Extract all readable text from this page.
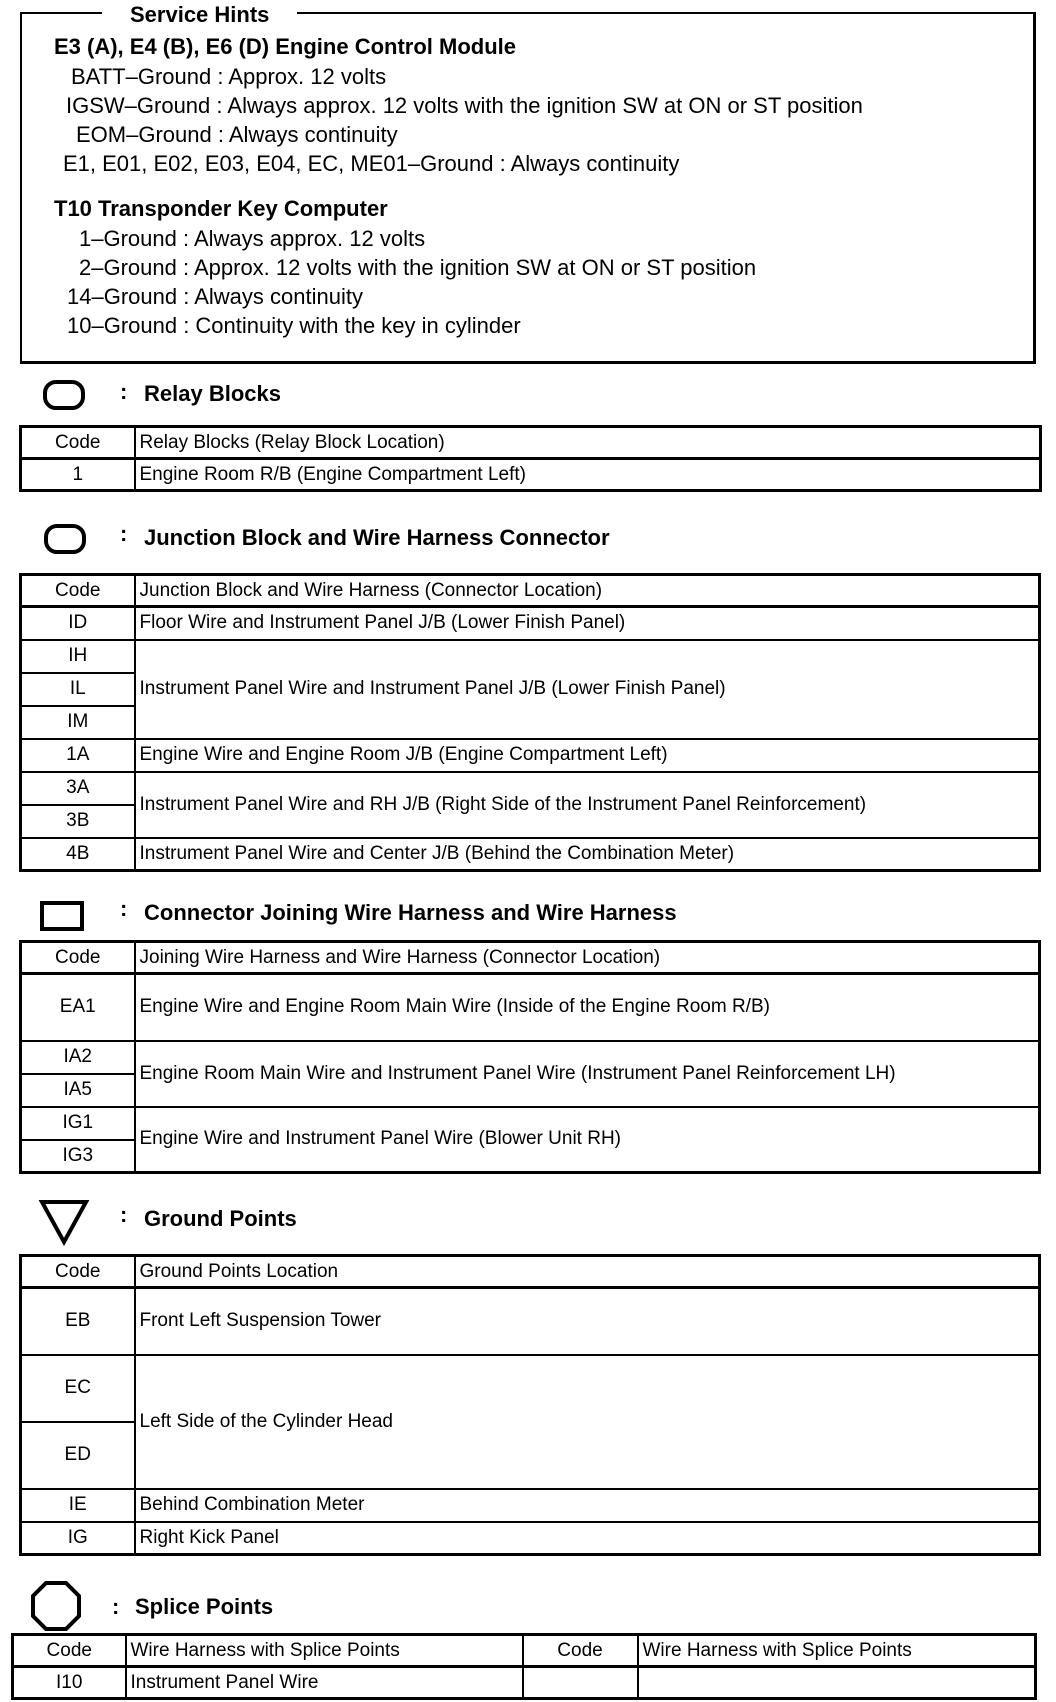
Service Hints
E3 (A), E4 (B), E6 (D) Engine Control Module
BATT–Ground : Approx. 12 volts
IGSW–Ground : Always approx. 12 volts with the ignition SW at ON or ST position
EOM–Ground : Always continuity
E1, E01, E02, E03, E04, EC, ME01–Ground : Always continuity
T10 Transponder Key Computer
1–Ground : Always approx. 12 volts
2–Ground : Approx. 12 volts with the ignition SW at ON or ST position
14–Ground : Always continuity
10–Ground : Continuity with the key in cylinder
: Relay Blocks
Code	Relay Blocks (Relay Block Location)
1	Engine Room R/B (Engine Compartment Left)
: Junction Block and Wire Harness Connector
Code	Junction Block and Wire Harness (Connector Location)
ID	Floor Wire and Instrument Panel J/B (Lower Finish Panel)
IH	Instrument Panel Wire and Instrument Panel J/B (Lower Finish Panel)
IL	
IM	
1A	Engine Wire and Engine Room J/B (Engine Compartment Left)
3A	Instrument Panel Wire and RH J/B (Right Side of the Instrument Panel Reinforcement)
3B	
4B	Instrument Panel Wire and Center J/B (Behind the Combination Meter)
: Connector Joining Wire Harness and Wire Harness
Code	Joining Wire Harness and Wire Harness (Connector Location)
EA1	Engine Wire and Engine Room Main Wire (Inside of the Engine Room R/B)
IA2	Engine Room Main Wire and Instrument Panel Wire (Instrument Panel Reinforcement LH)
IA5	
IG1	Engine Wire and Instrument Panel Wire (Blower Unit RH)
IG3	
: Ground Points
Code	Ground Points Location
EB	Front Left Suspension Tower
EC	Left Side of the Cylinder Head
ED	
IE	Behind Combination Meter
IG	Right Kick Panel
: Splice Points
Code	Wire Harness with Splice Points	Code	Wire Harness with Splice Points
I10	Instrument Panel Wire		
